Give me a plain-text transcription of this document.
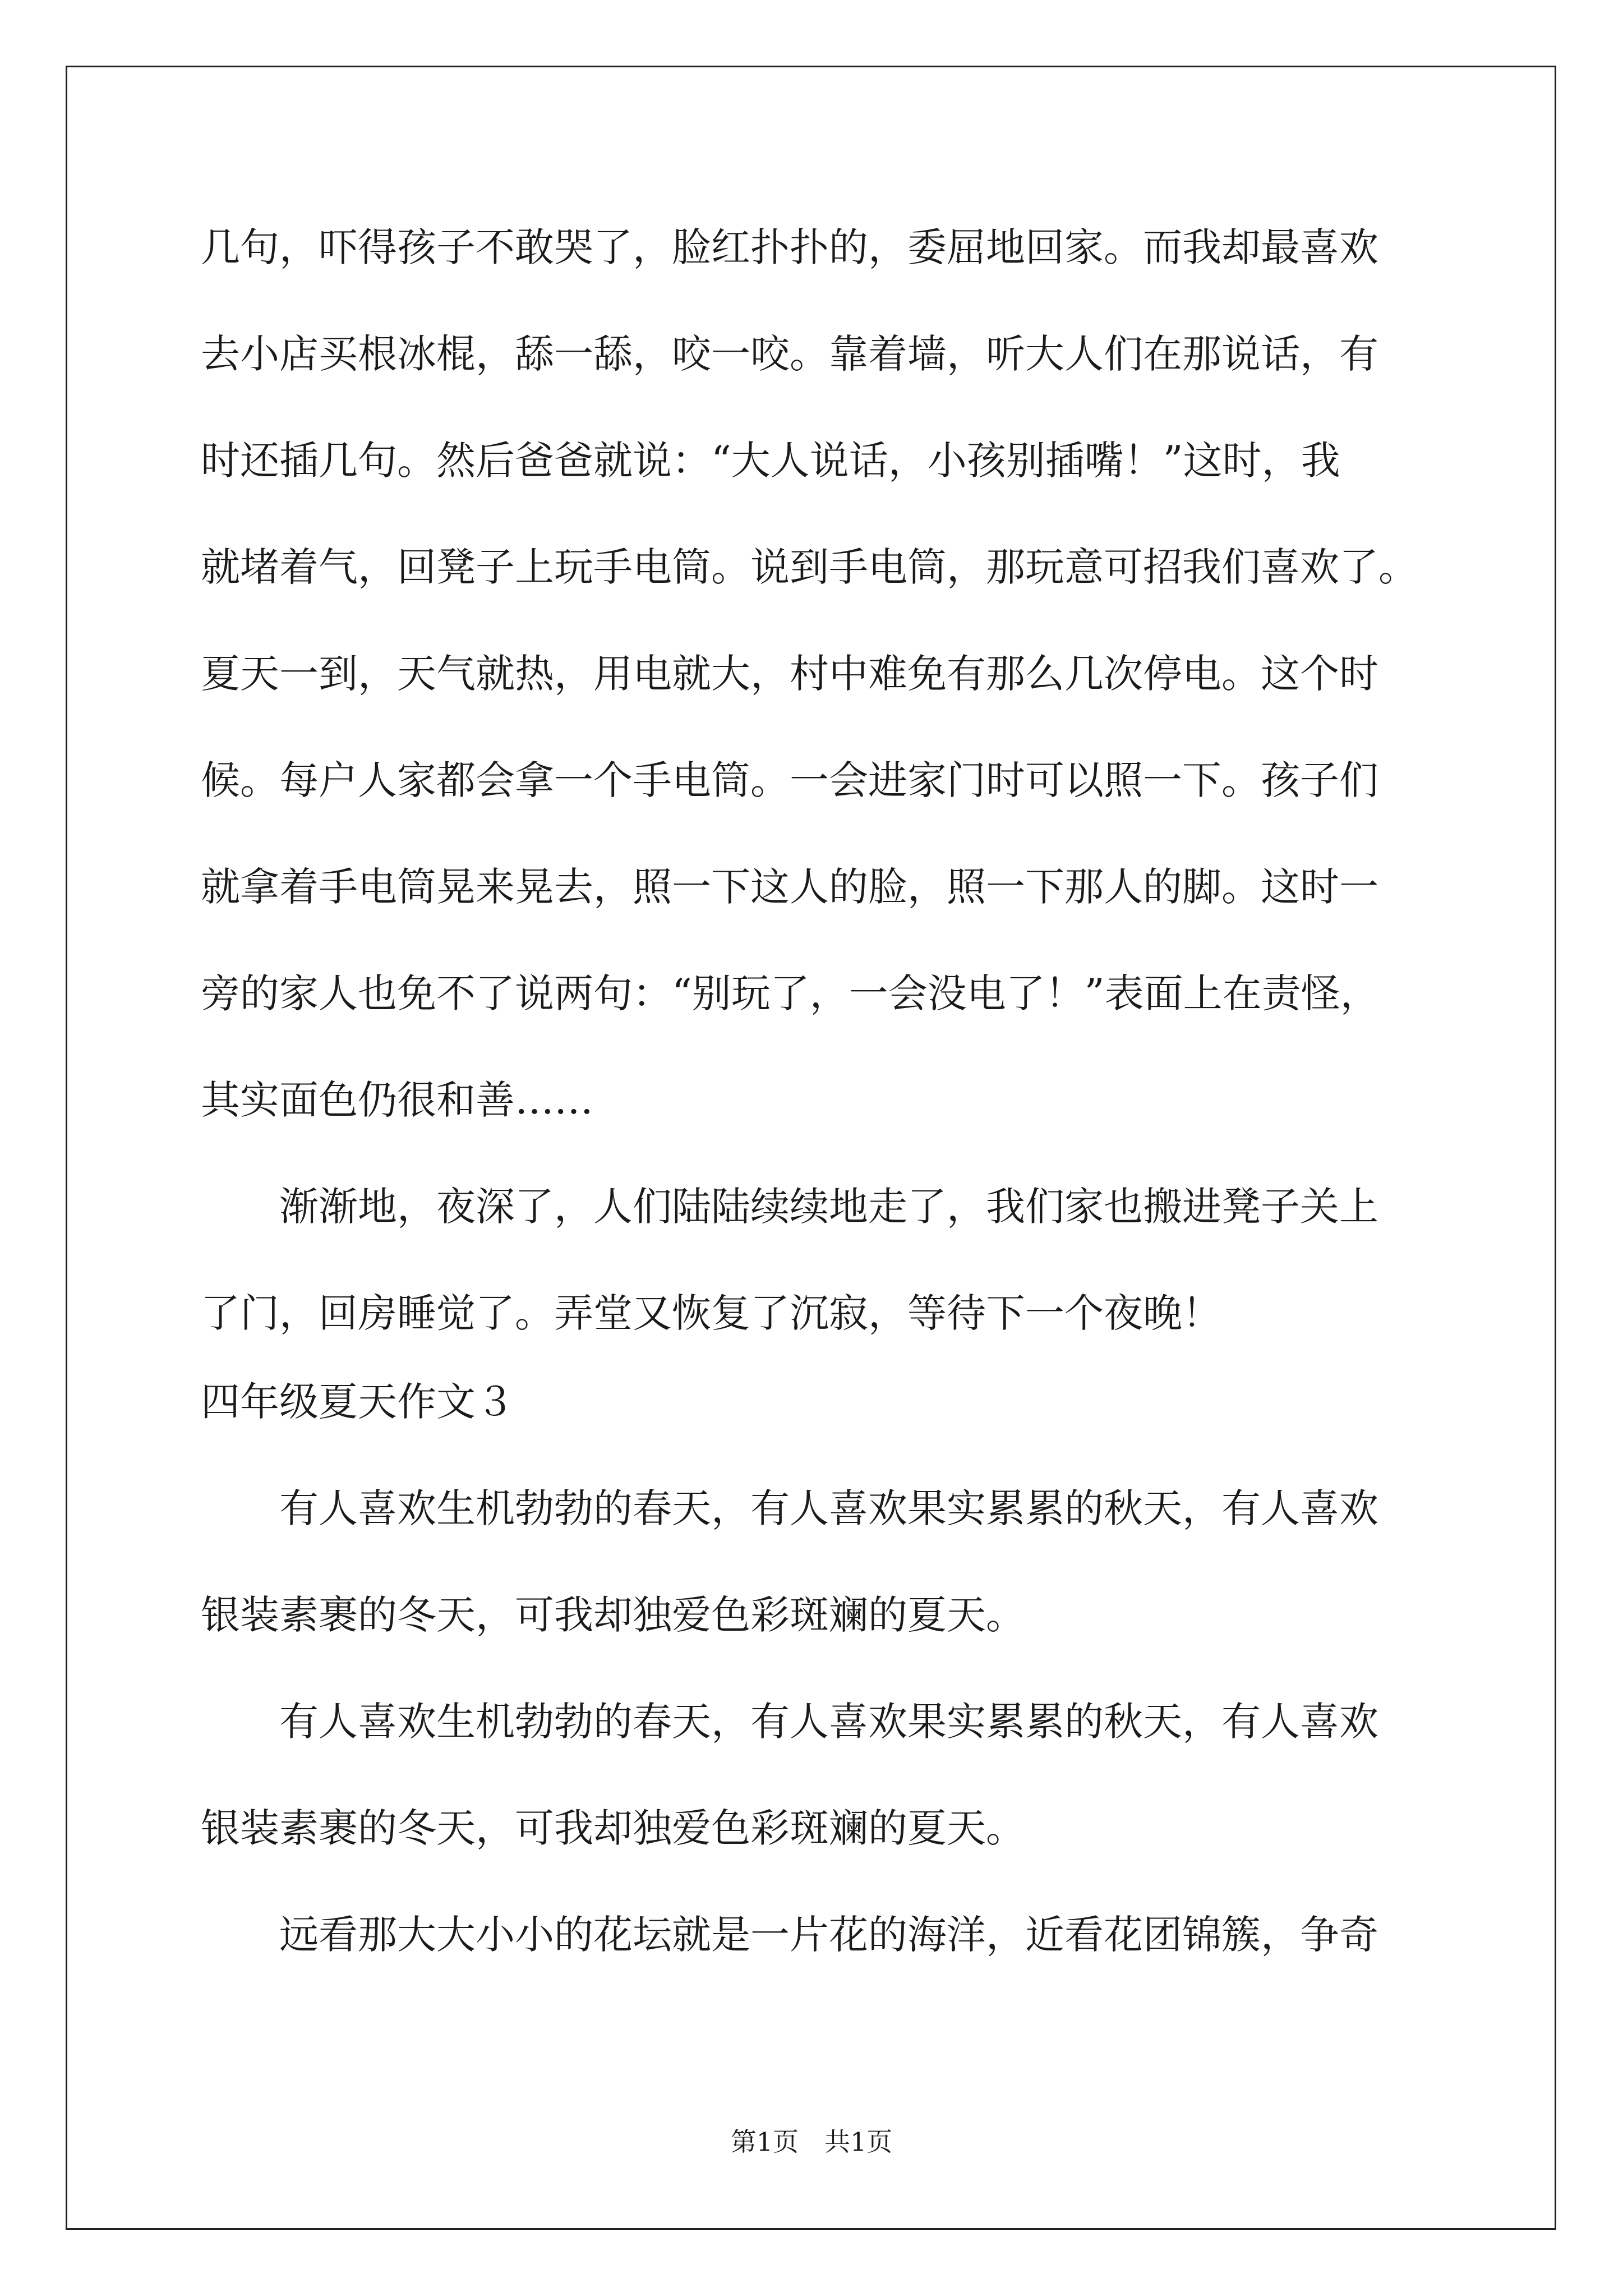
几句，吓得孩子不敢哭了，脸红扑扑的，委屈地回家。而我却最喜欢
去小店买根冰棍，舔一舔，咬一咬。靠着墙，听大人们在那说话，有
时还插几句。然后爸爸就说：“大人说话，小孩别插嘴！”这时，我
就堵着气，回凳子上玩手电筒。说到手电筒，那玩意可招我们喜欢了。
夏天一到，天气就热，用电就大，村中难免有那么几次停电。这个时
候。每户人家都会拿一个手电筒。一会进家门时可以照一下。孩子们
就拿着手电筒晃来晃去，照一下这人的脸，照一下那人的脚。这时一
旁的家人也免不了说两句：“别玩了，一会没电了！”表面上在责怪，
其实面色仍很和善……
渐渐地，夜深了，人们陆陆续续地走了，我们家也搬进凳子关上
了门，回房睡觉了。弄堂又恢复了沉寂，等待下一个夜晚！
四年级夏天作文３
有人喜欢生机勃勃的春天，有人喜欢果实累累的秋天，有人喜欢
银装素裹的冬天，可我却独爱色彩斑斓的夏天。
有人喜欢生机勃勃的春天，有人喜欢果实累累的秋天，有人喜欢
银装素裹的冬天，可我却独爱色彩斑斓的夏天。
远看那大大小小的花坛就是一片花的海洋，近看花团锦簇，争奇
第1页　共1页
